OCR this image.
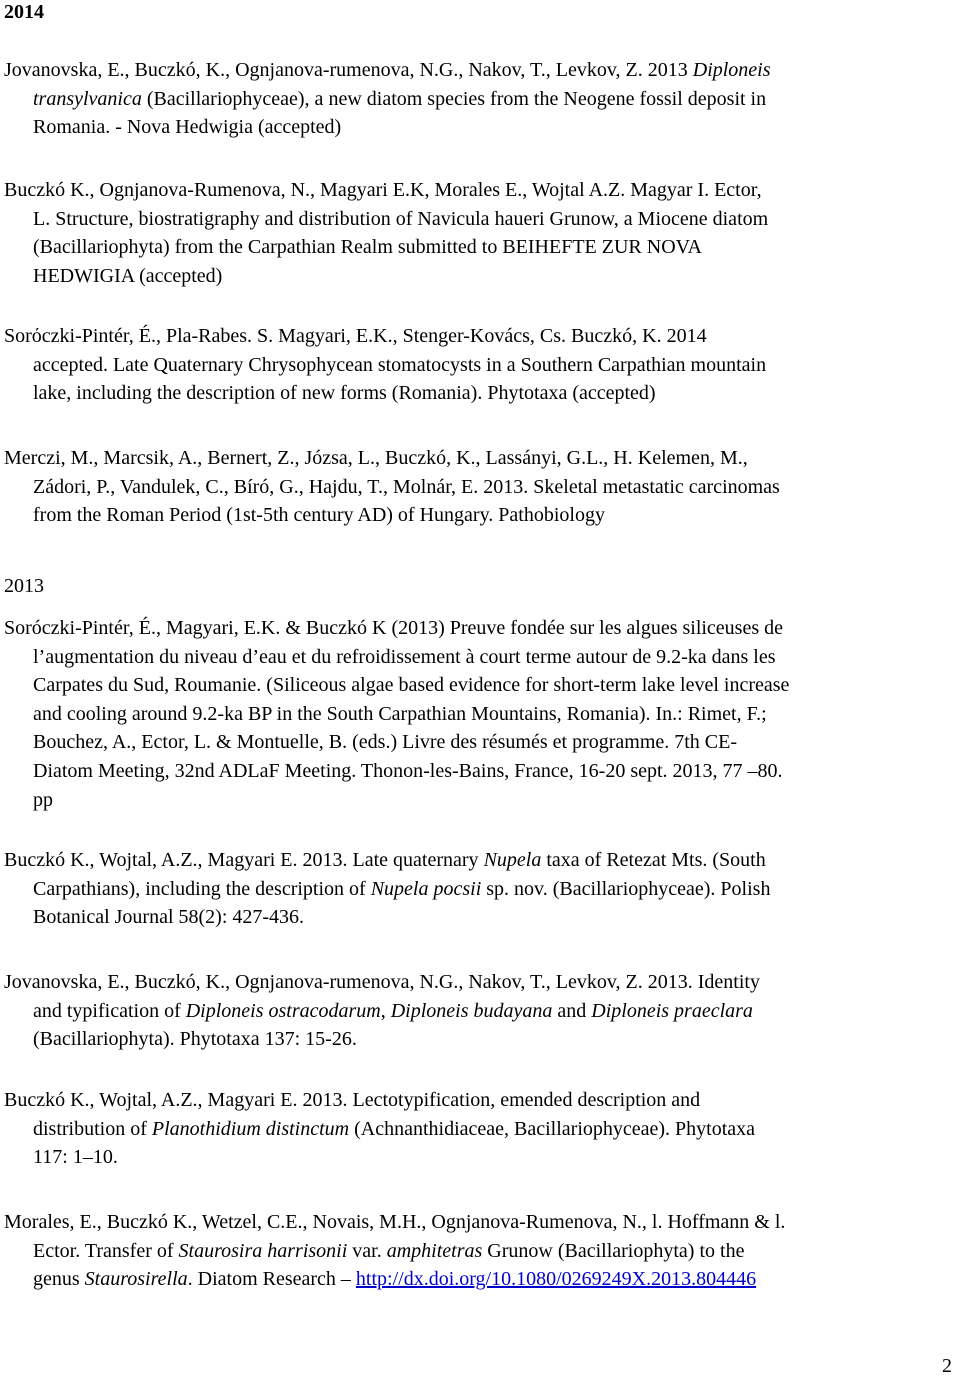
2014
Jovanovska, E., Buczkó, K., Ognjanova-rumenova, N.G., Nakov, T., Levkov, Z. 2013 Diploneis
transylvanica (Bacillariophyceae), a new diatom species from the Neogene fossil deposit in
Romania. - Nova Hedwigia (accepted)
Buczkó K., Ognjanova-Rumenova, N., Magyari E.K, Morales E., Wojtal A.Z. Magyar I. Ector,
L. Structure, biostratigraphy and distribution of Navicula haueri Grunow, a Miocene diatom
(Bacillariophyta) from the Carpathian Realm submitted to BEIHEFTE ZUR NOVA
HEDWIGIA (accepted)
Sorόczki-Pintér, É., Pla-Rabes. S. Magyari, E.K., Stenger-Kovács, Cs. Buczkó, K. 2014
accepted. Late Quaternary Chrysophycean stomatocysts in a Southern Carpathian mountain
lake, including the description of new forms (Romania). Phytotaxa (accepted)
Merczi, M., Marcsik, A., Bernert, Z., Józsa, L., Buczkó, K., Lassányi, G.L., H. Kelemen, M.,
Zádori, P., Vandulek, C., Bíró, G., Hajdu, T., Molnár, E. 2013. Skeletal metastatic carcinomas
from the Roman Period (1st-5th century AD) of Hungary. Pathobiology
2013
Soróczki-Pintér, É., Magyari, E.K. & Buczkó K (2013) Preuve fondée sur les algues siliceuses de
l’augmentation du niveau d’eau et du refroidissement à court terme autour de 9.2-ka dans les
Carpates du Sud, Roumanie. (Siliceous algae based evidence for short-term lake level increase
and cooling around 9.2-ka BP in the South Carpathian Mountains, Romania). In.: Rimet, F.;
Bouchez, A., Ector, L. & Montuelle, B. (eds.) Livre des résumés et programme. 7th CE-
Diatom Meeting, 32nd ADLaF Meeting. Thonon-les-Bains, France, 16-20 sept. 2013, 77 –80.
pp
Buczkó K., Wojtal, A.Z., Magyari E. 2013. Late quaternary Nupela taxa of Retezat Mts. (South
Carpathians), including the description of Nupela pocsii sp. nov. (Bacillariophyceae). Polish
Botanical Journal 58(2): 427-436.
Jovanovska, E., Buczkó, K., Ognjanova-rumenova, N.G., Nakov, T., Levkov, Z. 2013. Identity
and typification of Diploneis ostracodarum, Diploneis budayana and Diploneis praeclara
(Bacillariophyta). Phytotaxa 137: 15-26.
Buczkó K., Wojtal, A.Z., Magyari E. 2013. Lectotypification, emended description and
distribution of Planothidium distinctum (Achnanthidiaceae, Bacillariophyceae). Phytotaxa
117: 1–10.
Morales, E., Buczkó K., Wetzel, C.E., Novais, M.H., Ognjanova-Rumenova, N., l. Hoffmann & l.
Ector. Transfer of Staurosira harrisonii var. amphitetras Grunow (Bacillariophyta) to the
genus Staurosirella. Diatom Research – http://dx.doi.org/10.1080/0269249X.2013.804446
2
